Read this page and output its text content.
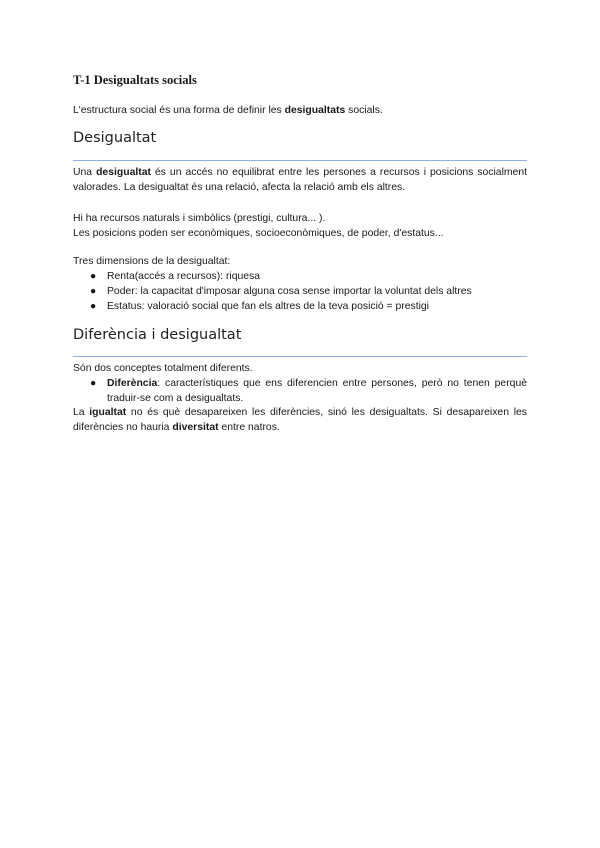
T-1 Desigualtats socials

L'estructura social és una forma de definir les desigualtats socials.

Desigualtat

Una desigualtat és un accés no equilibrat entre les persones a recursos i posicions socialment valorades. La desigualtat és una relació, afecta la relació amb els altres.

Hi ha recursos naturals i simbòlics (prestigi, cultura... ).
Les posicions poden ser econòmiques, socioeconòmiques, de poder, d'estatus...

Tres dimensions de la desigualtat:

● Renta(accés a recursos): riquesa
● Poder: la capacitat d'imposar alguna cosa sense importar la voluntat dels altres
● Estatus: valoració social que fan els altres de la teva posició = prestigi
Diferència i desigualtat

Són dos conceptes totalment diferents.

● Diferència: característiques que ens diferencien entre persones, però no tenen perquè traduir-se com a desigualtats.

La igualtat no és què desapareixen les diferències, sinó les desigualtats. Si desapareixen les diferències no hauria diversitat entre natros.
